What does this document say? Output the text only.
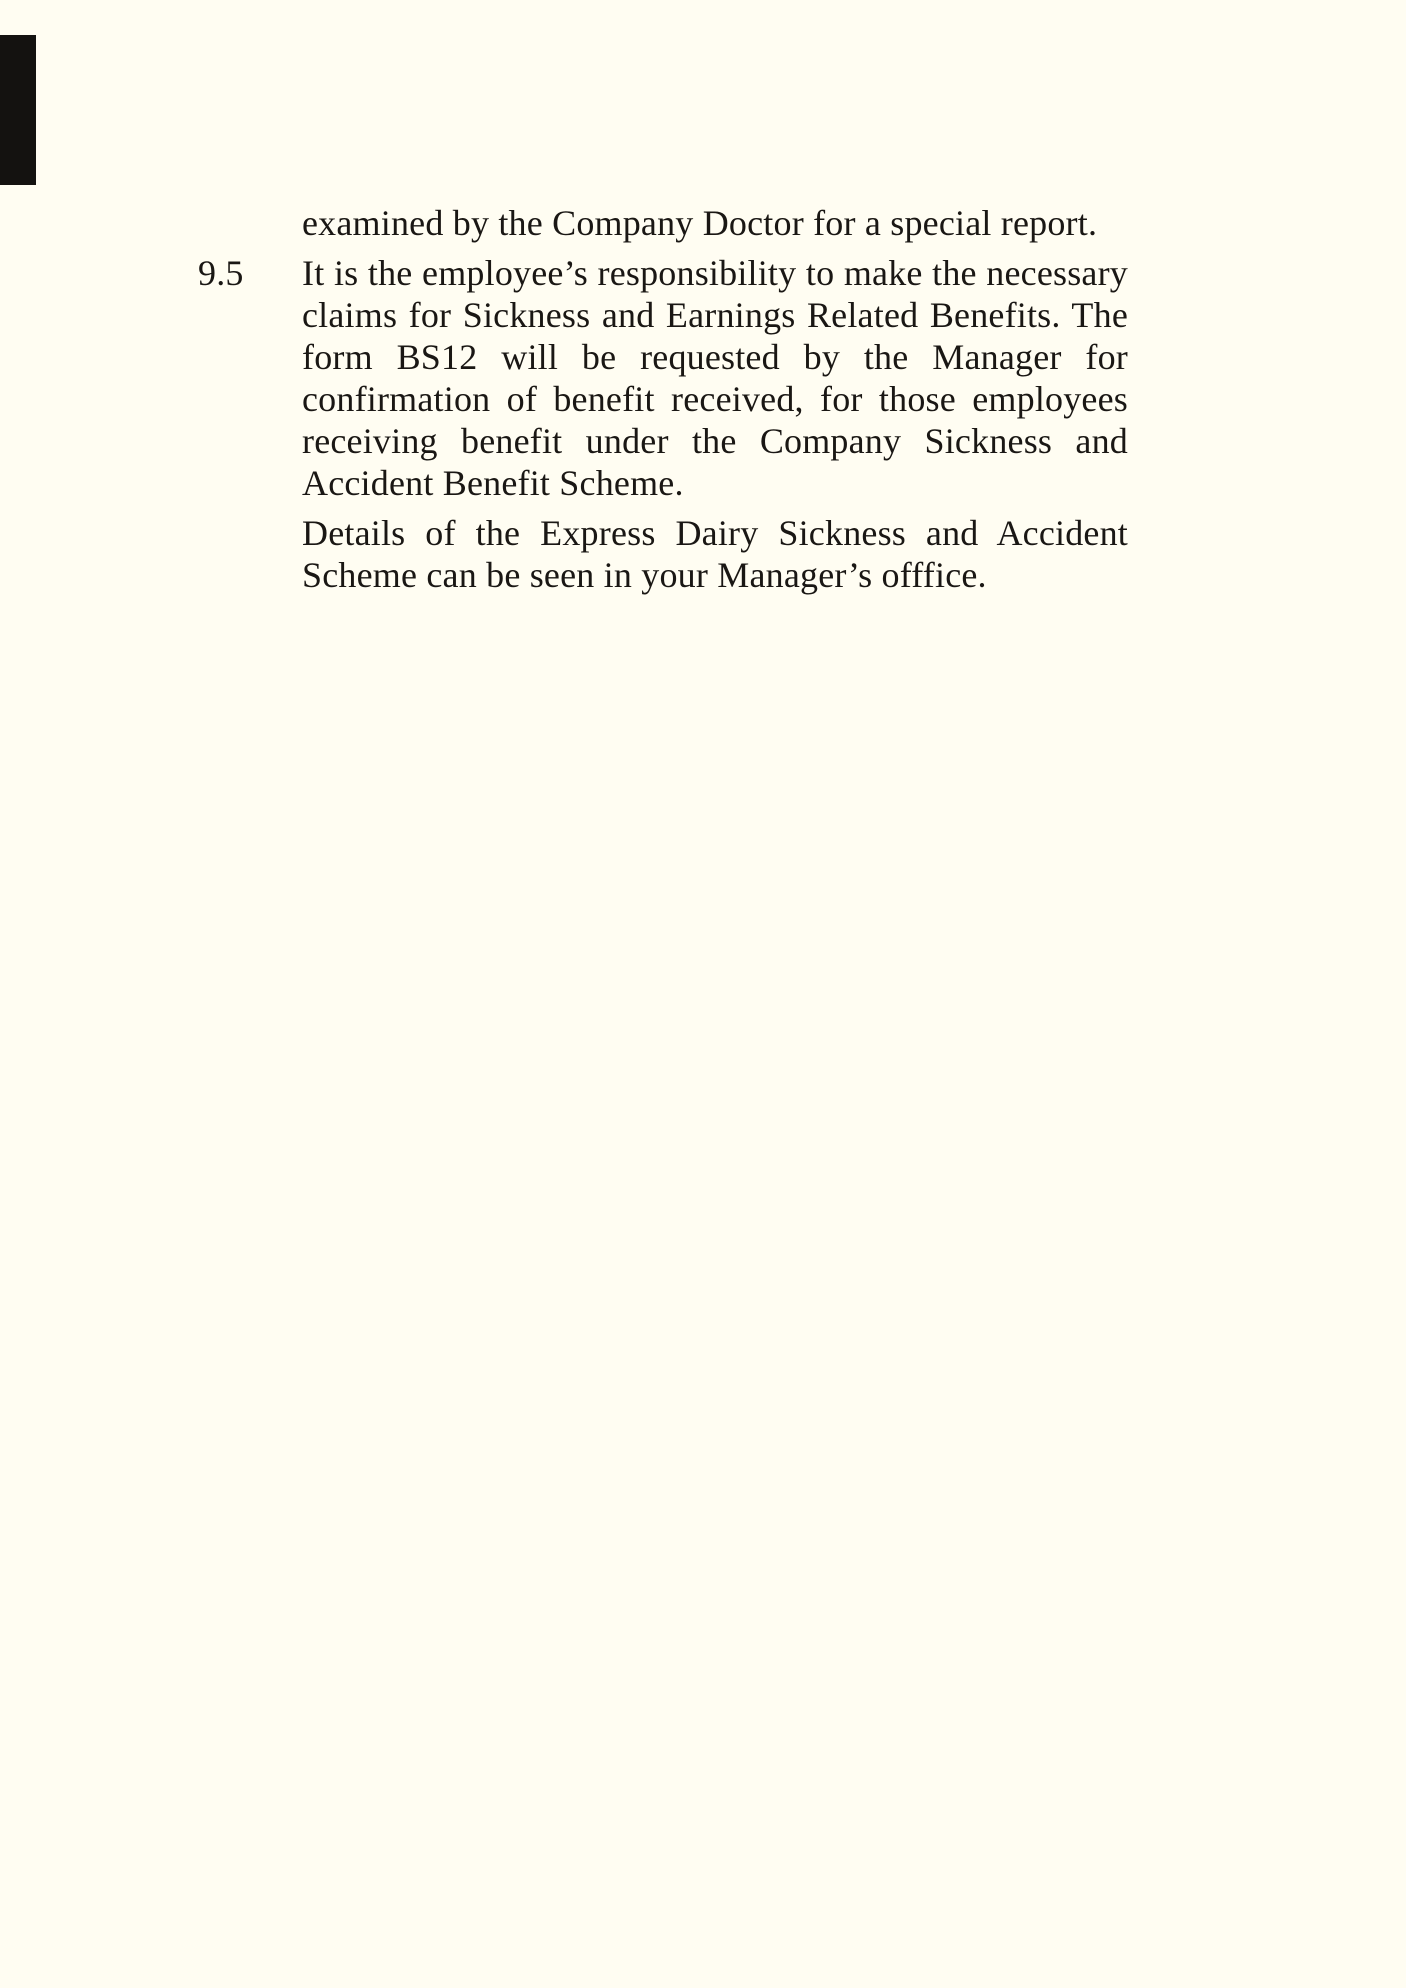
examined by the Company Doctor for a special report.
9.5 It is the employee’s responsibility to make the necessary claims for Sickness and Earnings Related Benefits. The form BS12 will be requested by the Manager for confirmation of benefit received, for those employees receiving benefit under the Company Sickness and Accident Benefit Scheme.
Details of the Express Dairy Sickness and Accident Scheme can be seen in your Manager’s offfice.
